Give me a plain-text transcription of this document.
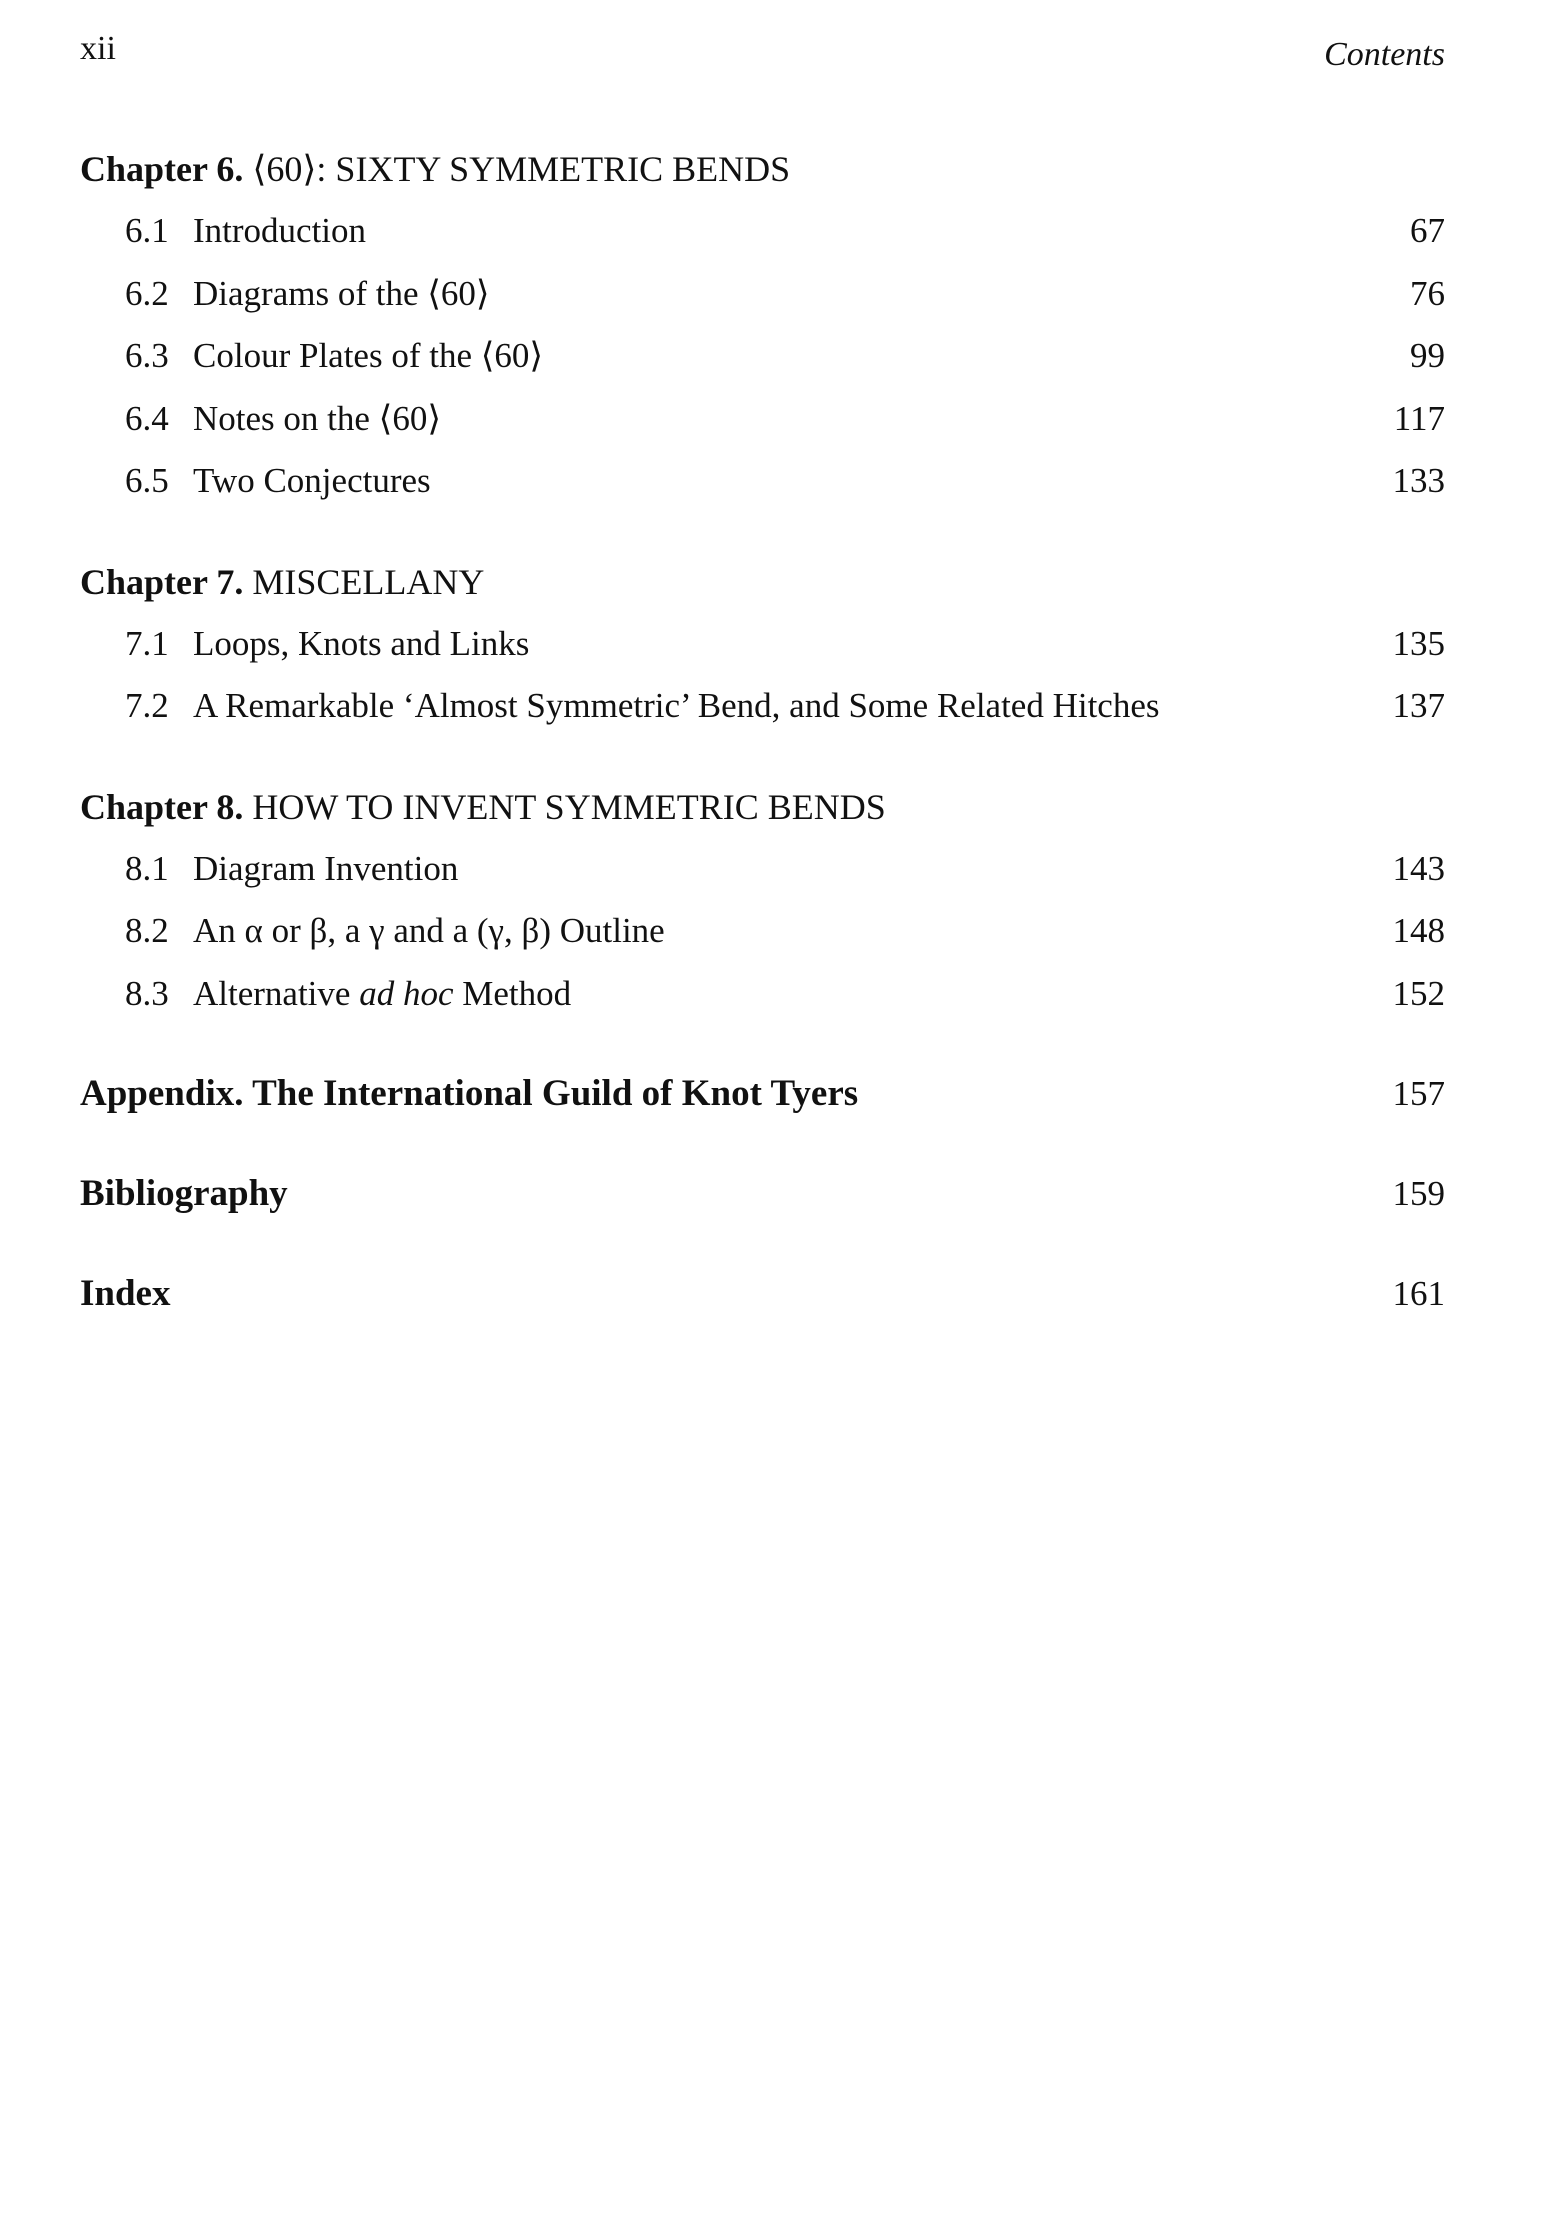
xii	Contents
Chapter 6. ⟨60⟩: SIXTY SYMMETRIC BENDS
6.1 Introduction	67
6.2 Diagrams of the ⟨60⟩	76
6.3 Colour Plates of the ⟨60⟩	99
6.4 Notes on the ⟨60⟩	117
6.5 Two Conjectures	133
Chapter 7. MISCELLANY
7.1 Loops, Knots and Links	135
7.2 A Remarkable ‘Almost Symmetric’ Bend, and Some Related Hitches	137
Chapter 8. HOW TO INVENT SYMMETRIC BENDS
8.1 Diagram Invention	143
8.2 An α or β, a γ and a (γ, β) Outline	148
8.3 Alternative ad hoc Method	152
Appendix. The International Guild of Knot Tyers	157
Bibliography	159
Index	161
